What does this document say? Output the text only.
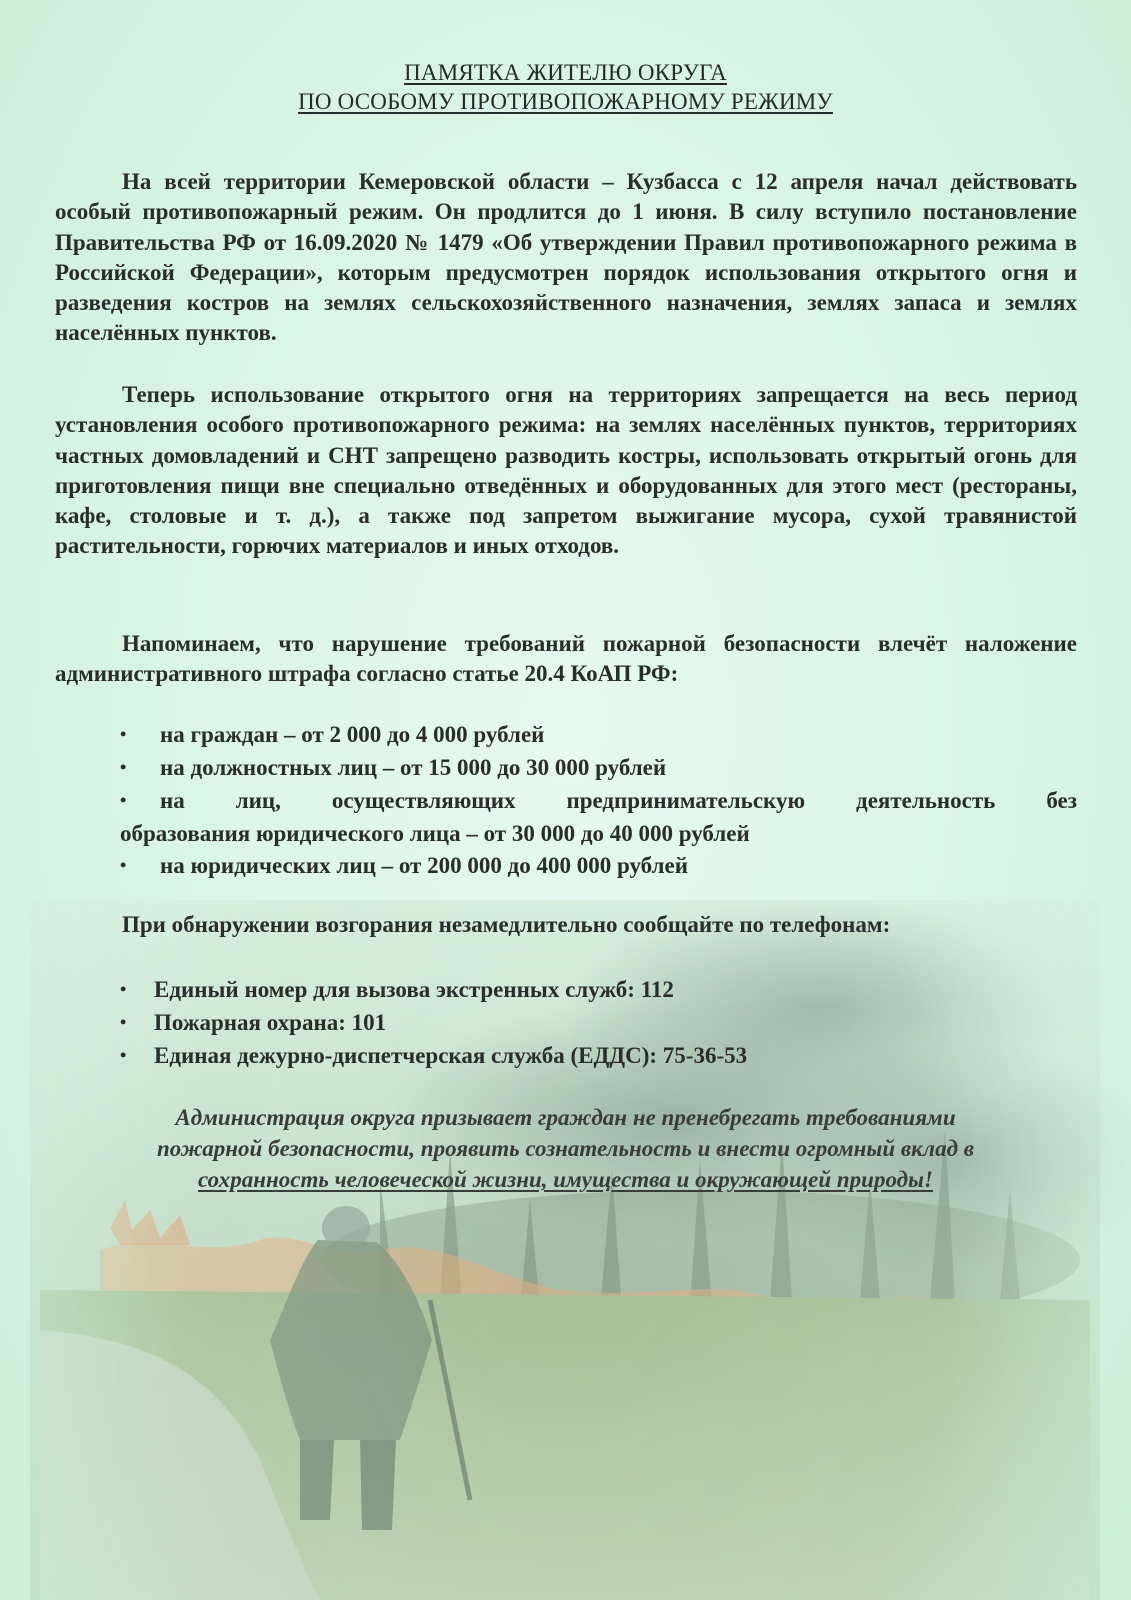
ПАМЯТКА ЖИТЕЛЮ ОКРУГА
ПО ОСОБОМУ ПРОТИВОПОЖАРНОМУ РЕЖИМУ
На всей территории Кемеровской области – Кузбасса с 12 апреля начал действовать особый противопожарный режим. Он продлится до 1 июня. В силу вступило постановление Правительства РФ от 16.09.2020 № 1479 «Об утверждении Правил противопожарного режима в Российской Федерации», которым предусмотрен порядок использования открытого огня и разведения костров на землях сельскохозяйственного назначения, землях запаса и землях населённых пунктов.
Теперь использование открытого огня на территориях запрещается на весь период установления особого противопожарного режима: на землях населённых пунктов, территориях частных домовладений и СНТ запрещено разводить костры, использовать открытый огонь для приготовления пищи вне специально отведённых и оборудованных для этого мест (рестораны, кафе, столовые и т. д.), а также под запретом выжигание мусора, сухой травянистой растительности, горючих материалов и иных отходов.
Напоминаем, что нарушение требований пожарной безопасности влечёт наложение административного штрафа согласно статье 20.4 КоАП РФ:
• на граждан – от 2 000 до 4 000 рублей
• на должностных лиц – от 15 000 до 30 000 рублей
• на лиц, осуществляющих предпринимательскую деятельность без
образования юридического лица – от 30 000 до 40 000 рублей
• на юридических лиц – от 200 000 до 400 000 рублей
При обнаружении возгорания незамедлительно сообщайте по телефонам:
• Единый номер для вызова экстренных служб: 112
• Пожарная охрана: 101
• Единая дежурно-диспетчерская служба (ЕДДС): 75-36-53
Администрация округа призывает граждан не пренебрегать требованиями
пожарной безопасности, проявить сознательность и внести огромный вклад в
сохранность человеческой жизни, имущества и окружающей природы!
